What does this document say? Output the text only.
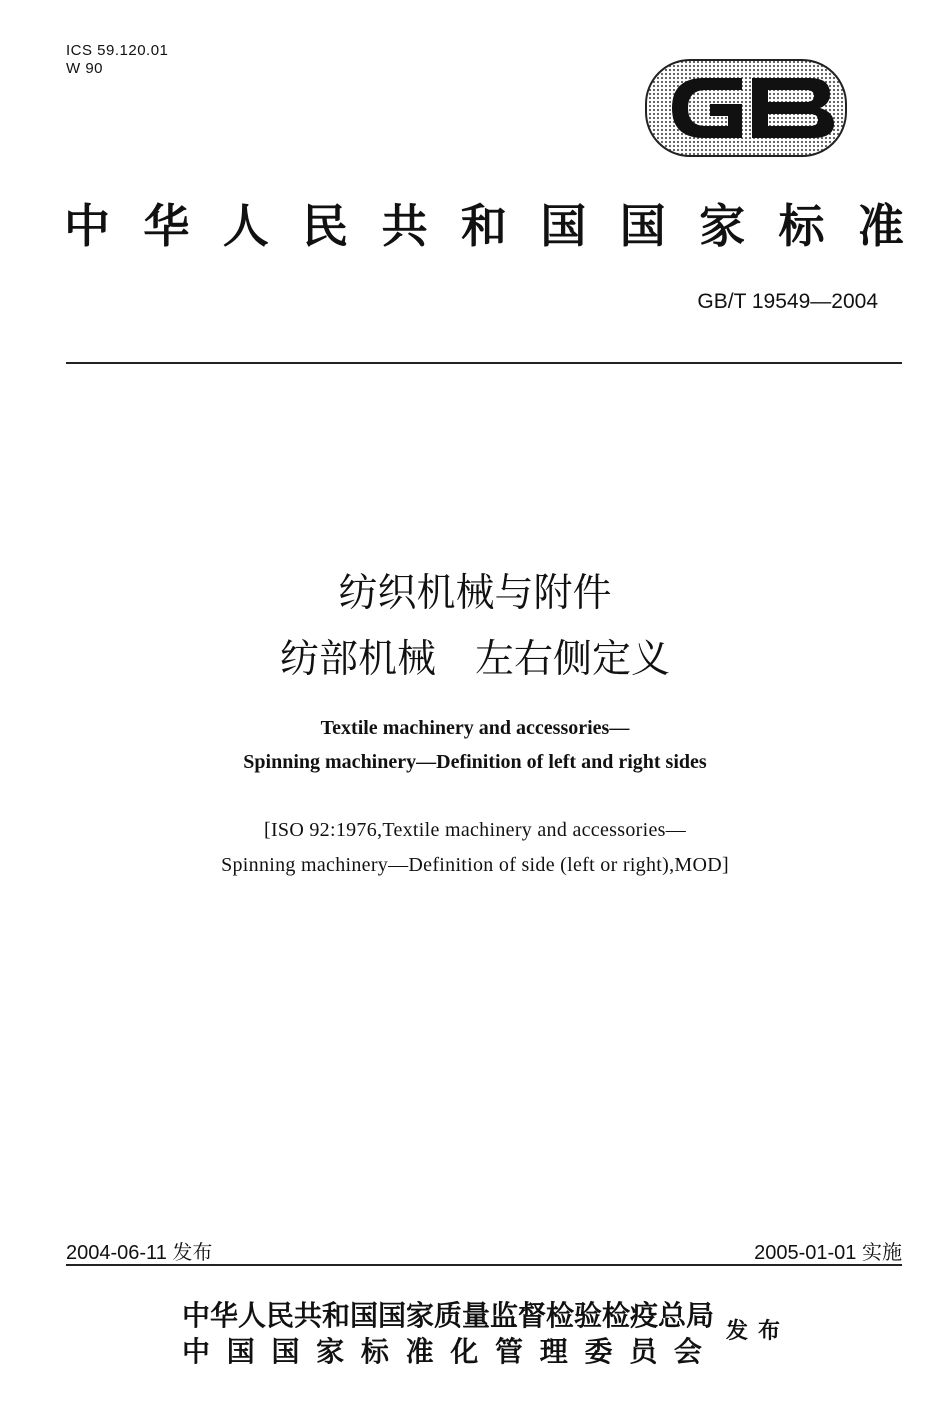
ICS 59.120.01
W 90
中 华 人 民 共 和 国 国 家 标 准
GB/T 19549—2004
纺织机械与附件
纺部机械　左右侧定义
Textile machinery and accessories—
Spinning machinery—Definition of left and right sides
[ISO 92:1976,Textile machinery and accessories—
Spinning machinery—Definition of side (left or right),MOD]
2004-06-11 发布	2005-01-01 实施
中华人民共和国国家质量监督检验检疫总局
中 国 国 家 标 准 化 管 理 委 员 会
发布
